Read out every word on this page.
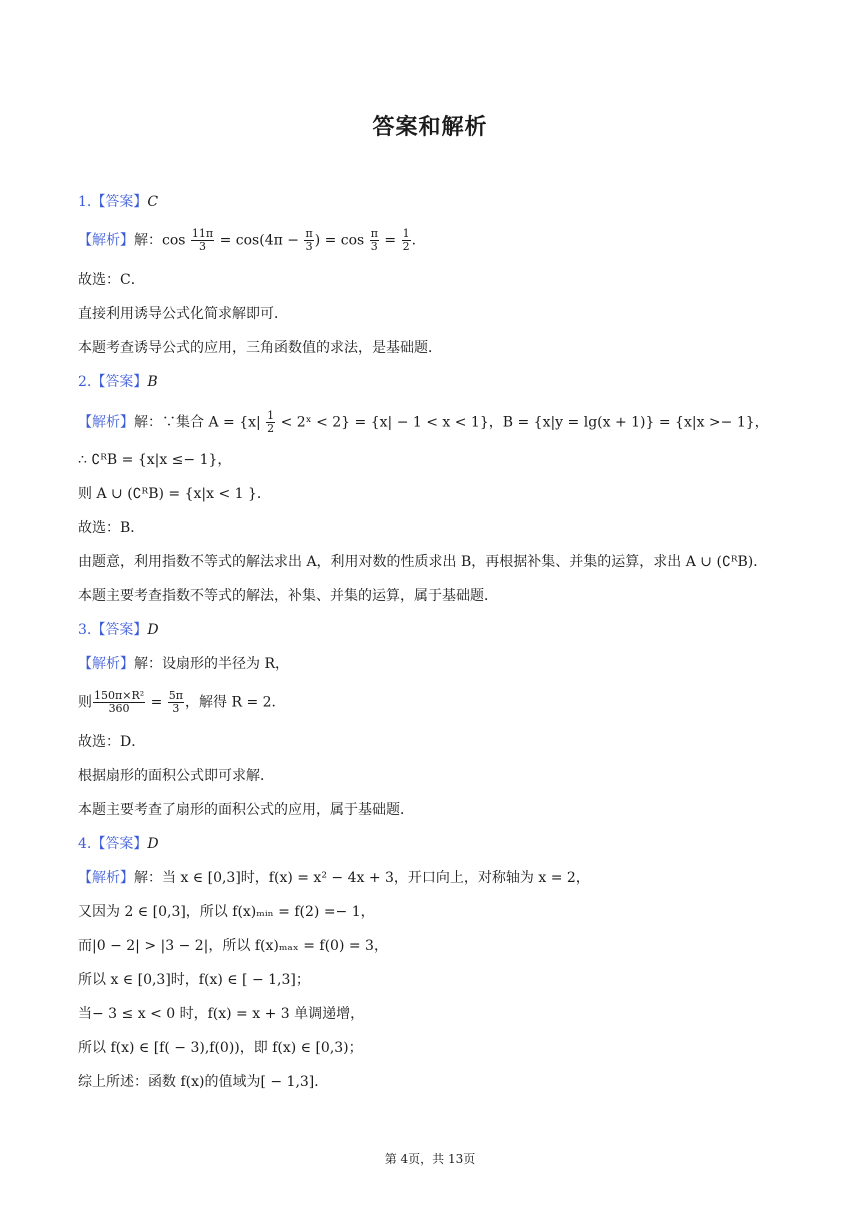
答案和解析
1.【答案】C
【解析】解：$\cos \frac{11\pi}{3} = \cos(4\pi - \frac{\pi}{3}$ ) = $\cos \frac{\pi}{3} = \frac{1}{2}$ .
故选：C．
直接利用诱导公式化简求解即可．
本题考查诱导公式的应用，三角函数值的求法，是基础题．
2.【答案】B
【解析】解：∵集合 $A = \{x| \frac{1}{2}$ < 2ˣ < 2} = {x| − 1 < x < 1}，B = {x|y = lg(x + 1)} = {x|x >− 1}，
∴ ∁ᴿB = {x|x ≤− 1}，
则 A ∪ (∁ᴿB) = {x|x < 1 }．
故选：B．
由题意，利用指数不等式的解法求出 A，利用对数的性质求出 B，再根据补集、并集的运算，求出 A ∪ (∁ᴿB)．
本题主要考查指数不等式的解法，补集、并集的运算，属于基础题．
3.【答案】D
【解析】解：设扇形的半径为 R，
则 $\frac{\text{150π×R²}}{360} = \frac{5\pi}{3}$ ，解得 R = 2．
故选：D．
根据扇形的面积公式即可求解．
本题主要考查了扇形的面积公式的应用，属于基础题．
4.【答案】D
【解析】解：当 x ∈ [0,3]时，f(x) = x² − 4x + 3，开口向上，对称轴为 x = 2，
又因为 2 ∈ [0,3]，所以 f(x)ₘᵢₙ = f(2) =− 1，
而|0 − 2| > |3 − 2|，所以 f(x)ₘₐₓ = f(0) = 3，
所以 x ∈ [0,3]时，f(x) ∈ [ − 1,3]；
当− 3 ≤ x < 0 时，f(x) = x + 3 单调递增，
所以 f(x) ∈ [f( − 3),f(0))，即 f(x) ∈ [0,3)；
综上所述：函数 f(x)的值域为[ − 1,3]．
第 4页，共 13页
